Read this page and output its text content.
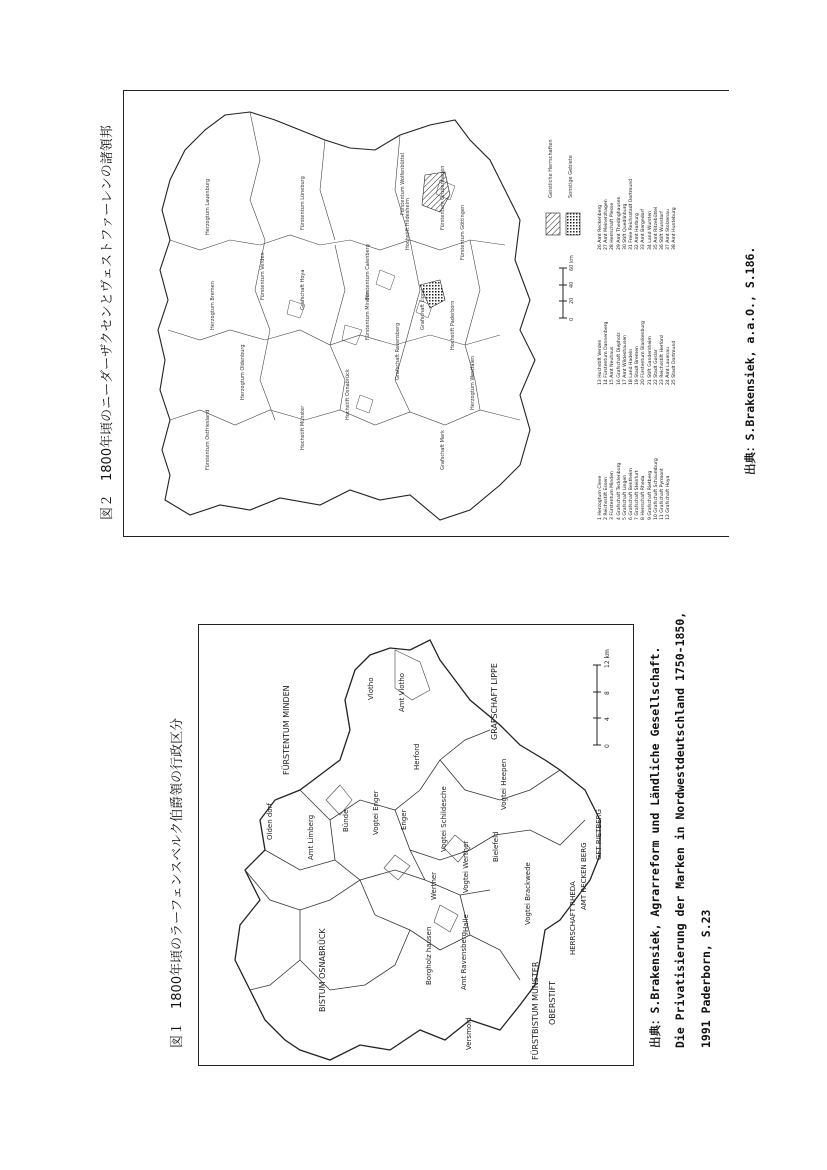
図１　1800年頃のラーフェンスベルク伯爵領の行政区分	BISTUM OSNABRÜCK
FÜRSTENTUM MINDEN	GRAFSCHAFT LIPPE
FÜRSTBISTUM MÜNSTER OBERSTIFT
HERRSCHAFT RHEDA
AMT RECKEN BERG
GFT RIETBERG
Amt Vlotho
Vlotho
Herford
Olden dorf	Amt Limberg	Bünde	Vogtei Enger	Enger	Vogtei Schildesche
Vogtei Heepen
Bielefeld
Werther	Vogtei Werther
Halle	Vogtei Brackwede
Borgholz hausen	Amt Ravensberg
Versmold
0
4
8
12 km	出典：S.Brakensiek, Agrarreform und Ländliche Gesellschaft. Die Privatisierung der Marken in Nordwestdeutschland 1750-1850, 1991 Paderborn, S.23
図２　1800年頃のニーダーザクセンとヴェストファーレンの諸領邦	Herzogtum Oldenburg	Hochstift Osnabrück
Hochstift Münster
Fürstentum Minden
Grafschaft Hoya
Fürstentum Lüneburg
Fürstentum Calenberg
Fürstentum Verden
Hochstift Paderborn
Herzogtum Westfalen
Fürstentum Wolfenbüttel
Hochstift Hildesheim
Grafschaft Lippe
Grafschaft Mark
Grafschaft Ravensberg
Fürstentum Ostfriesland
Herzogtum Bremen
Herzogtum Lauenburg	Fürstentum Göttingen
Fürstentum Grubenhagen
1 Herzogtum Cleve 2 Reichsstift Essen 3 Fürstentum Minden 4 Grafschaft Tecklenburg 5 Grafschaft Lingen 6 Grafschaft Bentheim 7 Grafschaft Steinfurt 8 Herrschaft Rheda 9 Grafschaft Rietberg 10 Grafschaft Schaumburg 11 Grafschaft Pyrmont 12 Grafschaft Hoya
13 Hochstift Verden 14 Fürstentum Dannenberg 15 Amt Neuhaus 16 Grafschaft Diepholz 17 Amt Wildeshausen 18 Land Hadeln 19 Stadt Bremen 20 Fürstentum Blankenburg 21 Stift Gandersheim 22 Stadt Goslar 23 Reichsstift Herford 24 Amt Lauenau 25 Stadt Dortmund
26 Amt Reckenberg 27 Amt Meinerzhagen 28 Herrschaft Plesse 29 Amt Thedinghausen 30 Stift Quedlinburg 31 Freie Reichsstadt Dortmund 32 Amt Harburg 33 Amt Bergedorf 34 Land Wursten 35 Amt Ritzebüttel 36 Stift Wunstorf 37 Amt Stolzenau 38 Amt Hunteburg
Geistliche Herrschaften	Sonstige Gebiete
0
20
40
60 km	出典：S.Brakensiek, a.a.O., S.186.
